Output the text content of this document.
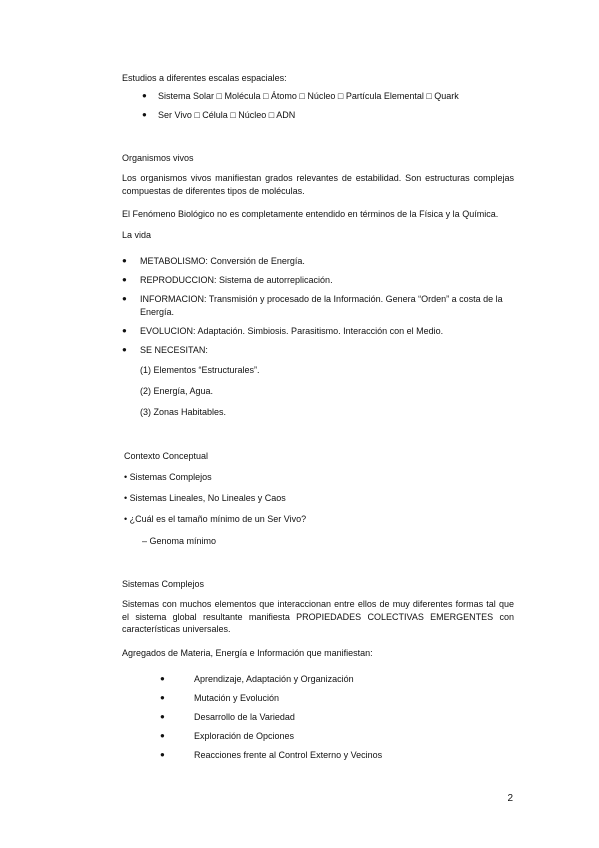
Estudios a diferentes escalas espaciales:
● Sistema Solar □ Molécula □ Átomo □ Núcleo □ Partícula Elemental □ Quark
● Ser Vivo □ Célula □ Núcleo □ ADN
Organismos vivos
Los organismos vivos manifiestan grados relevantes de estabilidad. Son estructuras complejas compuestas de diferentes tipos de moléculas.
El Fenómeno Biológico no es completamente entendido en términos de la Física y la Química.
La vida
● METABOLISMO: Conversión de Energía.
● REPRODUCCION: Sistema de autorreplicación.
● INFORMACION: Transmisión y procesado de la Información. Genera “Orden” a costa de la Energía.
● EVOLUCION: Adaptación. Simbiosis. Parasitismo. Interacción con el Medio.
● SE NECESITAN:
(1) Elementos “Estructurales”.
(2) Energía, Agua.
(3) Zonas Habitables.
Contexto Conceptual
• Sistemas Complejos
• Sistemas Lineales, No Lineales y Caos
• ¿Cuál es el tamaño mínimo de un Ser Vivo?
– Genoma mínimo
Sistemas Complejos
Sistemas con muchos elementos que interaccionan entre ellos de muy diferentes formas tal que el sistema global resultante manifiesta PROPIEDADES COLECTIVAS EMERGENTES con características universales.
Agregados de Materia, Energía e Información que manifiestan:
●	Aprendizaje, Adaptación y Organización
●	Mutación y Evolución
●	Desarrollo de la Variedad
●	Exploración de Opciones
●	Reacciones frente al Control Externo y Vecinos
2
